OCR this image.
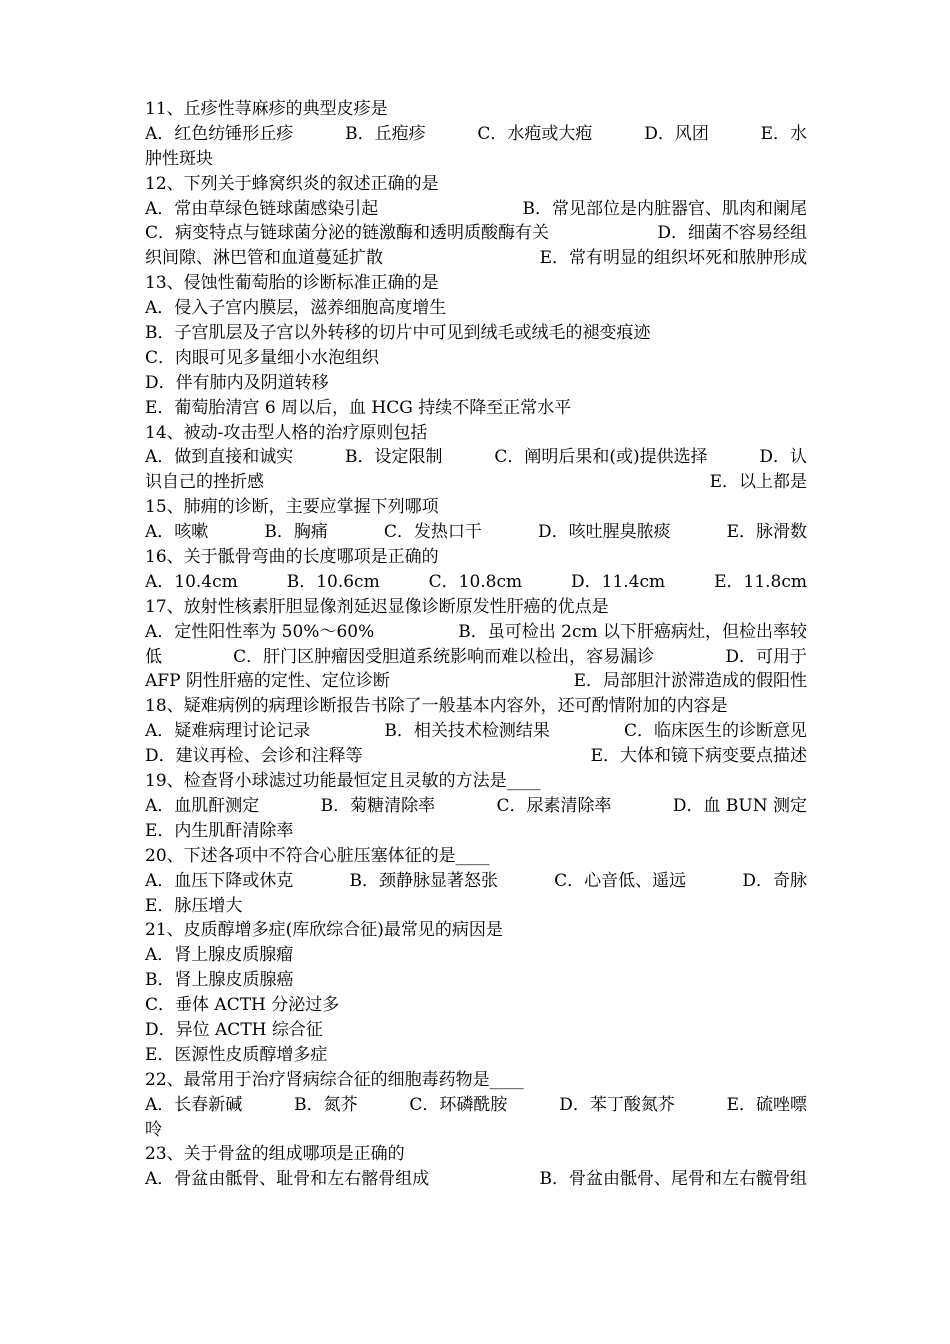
11、丘疹性荨麻疹的典型皮疹是
A．红色纺锤形丘疹	B．丘疱疹	C．水疱或大疱	D．风团	E．水
肿性斑块
12、下列关于蜂窝织炎的叙述正确的是
A．常由草绿色链球菌感染引起	B．常见部位是内脏器官、肌肉和阑尾
C．病变特点与链球菌分泌的链激酶和透明质酸酶有关	D．细菌不容易经组
织间隙、淋巴管和血道蔓延扩散	E．常有明显的组织坏死和脓肿形成
13、侵蚀性葡萄胎的诊断标准正确的是
A．侵入子宫内膜层，滋养细胞高度增生
B．子宫肌层及子宫以外转移的切片中可见到绒毛或绒毛的褪变痕迹
C．肉眼可见多量细小水泡组织
D．伴有肺内及阴道转移
E．葡萄胎清宫 6 周以后，血 HCG 持续不降至正常水平
14、被动-攻击型人格的治疗原则包括
A．做到直接和诚实	B．设定限制	C．阐明后果和(或)提供选择	D．认
识自己的挫折感	E．以上都是
15、肺痈的诊断，主要应掌握下列哪项
A．咳嗽	B．胸痛	C．发热口干	D．咳吐腥臭脓痰	E．脉滑数
16、关于骶骨弯曲的长度哪项是正确的
A．10.4cm	B．10.6cm	C．10.8cm	D．11.4cm	E．11.8cm
17、放射性核素肝胆显像剂延迟显像诊断原发性肝癌的优点是
A．定性阳性率为 50%～60%	B．虽可检出 2cm 以下肝癌病灶，但检出率较
低	C．肝门区肿瘤因受胆道系统影响而难以检出，容易漏诊	D．可用于
AFP 阴性肝癌的定性、定位诊断	E．局部胆汁淤滞造成的假阳性
18、疑难病例的病理诊断报告书除了一般基本内容外，还可酌情附加的内容是
A．疑难病理讨论记录	B．相关技术检测结果	C．临床医生的诊断意见
D．建议再检、会诊和注释等	E．大体和镜下病变要点描述
19、检查肾小球滤过功能最恒定且灵敏的方法是____
A．血肌酐测定	B．菊糖清除率	C．尿素清除率	D．血 BUN 测定
E．内生肌酐清除率
20、下述各项中不符合心脏压塞体征的是____
A．血压下降或休克	B．颈静脉显著怒张	C．心音低、遥远	D．奇脉
E．脉压增大
21、皮质醇增多症(库欣综合征)最常见的病因是
A．肾上腺皮质腺瘤
B．肾上腺皮质腺癌
C．垂体 ACTH 分泌过多
D．异位 ACTH 综合征
E．医源性皮质醇增多症
22、最常用于治疗肾病综合征的细胞毒药物是____
A．长春新碱	B．氮芥	C．环磷酰胺	D．苯丁酸氮芥	E．硫唑嘌
呤
23、关于骨盆的组成哪项是正确的
A．骨盆由骶骨、耻骨和左右髂骨组成	B．骨盆由骶骨、尾骨和左右髋骨组
